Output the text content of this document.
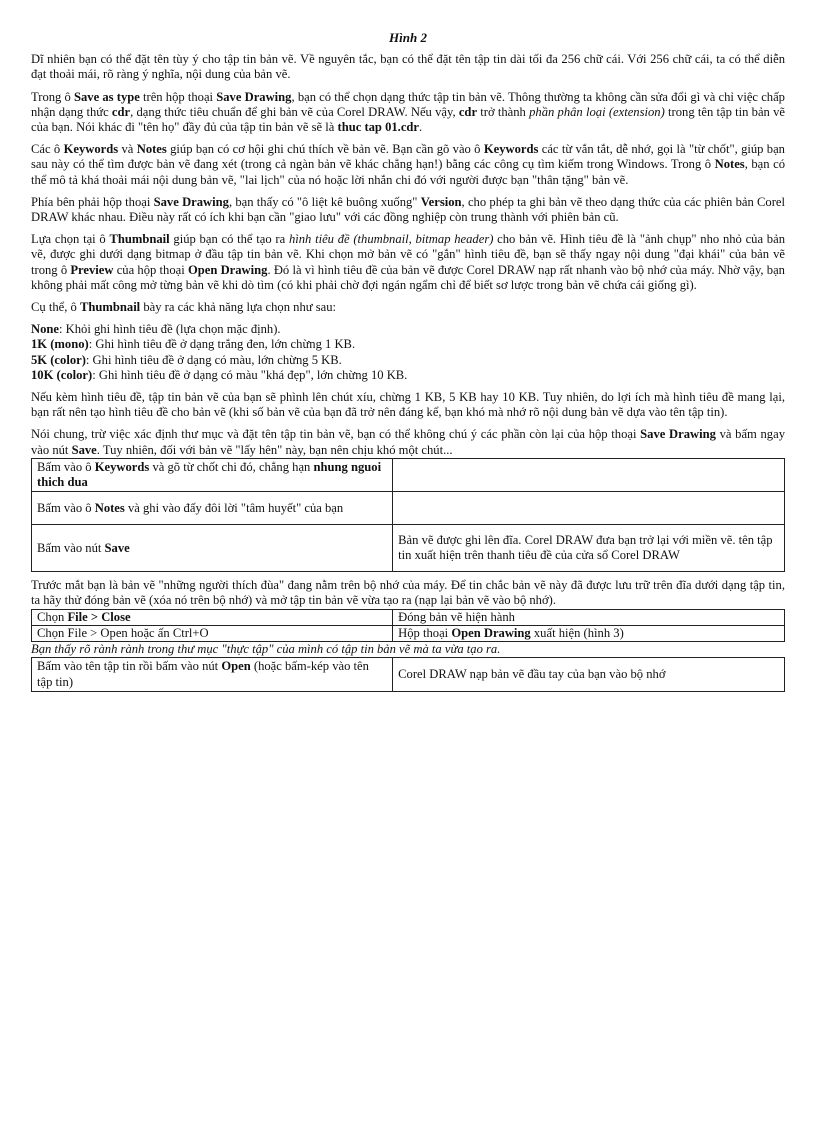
Hình 2

Dĩ nhiên bạn có thể đặt tên tùy ý cho tập tin bản vẽ. Về nguyên tắc, bạn có thể đặt tên tập tin dài tối đa 256 chữ cái. Với 256 chữ cái, ta có thể diễn đạt thoải mái, rõ ràng ý nghĩa, nội dung của bản vẽ.

Trong ô Save as type trên hộp thoại Save Drawing, bạn có thể chọn dạng thức tập tin bản vẽ. Thông thường ta không cần sửa đổi gì và chỉ việc chấp nhận dạng thức cdr, dạng thức tiêu chuẩn để ghi bản vẽ của Corel DRAW. Nếu vậy, cdr trở thành phần phân loại (extension) trong tên tập tin bản vẽ của bạn. Nói khác đi "tên họ" đầy đủ của tập tin bản vẽ sẽ là thuc tap 01.cdr.

Các ô Keywords và Notes giúp bạn có cơ hội ghi chú thích về bản vẽ. Bạn cần gõ vào ô Keywords các từ vắn tắt, dễ nhớ, gọi là "từ chốt", giúp bạn sau này có thể tìm được bản vẽ đang xét (trong cả ngàn bản vẽ khác chẳng hạn!) bằng các công cụ tìm kiếm trong Windows. Trong ô Notes, bạn có thể mô tả khá thoải mái nội dung bản vẽ, "lai lịch" của nó hoặc lời nhắn chi đó với người được bạn "thân tặng" bản vẽ.

Phía bên phải hộp thoại Save Drawing, bạn thấy có "ô liệt kê buông xuống" Version, cho phép ta ghi bản vẽ theo dạng thức của các phiên bản Corel DRAW khác nhau. Điều này rất có ích khi bạn cần "giao lưu" với các đồng nghiệp còn trung thành với phiên bản cũ.

Lựa chọn tại ô Thumbnail giúp bạn có thể tạo ra hình tiêu đề (thumbnail, bitmap header) cho bản vẽ. Hình tiêu đề là "ảnh chụp" nho nhỏ của bản vẽ, được ghi dưới dạng bitmap ở đầu tập tin bản vẽ. Khi chọn mở bản vẽ có "gắn" hình tiêu đề, bạn sẽ thấy ngay nội dung "đại khái" của bản vẽ trong ô Preview của hộp thoại Open Drawing. Đó là vì hình tiêu đề của bản vẽ được Corel DRAW nạp rất nhanh vào bộ nhớ của máy. Nhờ vậy, bạn không phải mất công mở từng bản vẽ khi dò tìm (có khi phải chờ đợi ngán ngẩm chỉ để biết sơ lược trong bản vẽ chứa cái giống gì).

Cụ thể, ô Thumbnail bày ra các khả năng lựa chọn như sau:

None: Khỏi ghi hình tiêu đề (lựa chọn mặc định).

1K (mono): Ghi hình tiêu đề ở dạng trắng đen, lớn chừng 1 KB.

5K (color): Ghi hình tiêu đề ở dạng có màu, lớn chừng 5 KB.

10K (color): Ghi hình tiêu đề ở dạng có màu "khá đẹp", lớn chừng 10 KB.

Nếu kèm hình tiêu đề, tập tin bản vẽ của bạn sẽ phình lên chút xíu, chừng 1 KB, 5 KB hay 10 KB. Tuy nhiên, do lợi ích mà hình tiêu đề mang lại, bạn rất nên tạo hình tiêu đề cho bản vẽ (khi số bản vẽ của bạn đã trở nên đáng kể, bạn khó mà nhớ rõ nội dung bản vẽ dựa vào tên tập tin).

Nói chung, trừ việc xác định thư mục và đặt tên tập tin bản vẽ, bạn có thể không chú ý các phần còn lại của hộp thoại Save Drawing và bấm ngay vào nút Save. Tuy nhiên, đối với bản vẽ "lấy hên" này, bạn nên chịu khó một chút...

Bấm vào ô Keywords và gõ từ chốt chi đó, chẳng hạn nhung nguoi thich dua	
Bấm vào ô Notes và ghi vào đấy đôi lời "tâm huyết" của bạn	
Bấm vào nút Save	Bản vẽ được ghi lên đĩa. Corel DRAW đưa bạn trở lại với miền vẽ. tên tập tin xuất hiện trên thanh tiêu đề của cửa sổ Corel DRAW

Trước mắt bạn là bản vẽ "những người thích đùa" đang nằm trên bộ nhớ của máy. Để tin chắc bản vẽ này đã được lưu trữ trên đĩa dưới dạng tập tin, ta hãy thử đóng bản vẽ (xóa nó trên bộ nhớ) và mở tập tin bản vẽ vừa tạo ra (nạp lại bản vẽ vào bộ nhớ).

Chọn File > Close	Đóng bản vẽ hiện hành
Chọn File > Open hoặc ấn Ctrl+O	Hộp thoại Open Drawing xuất hiện (hình 3)

Bạn thấy rõ rành rành trong thư mục "thực tập" của mình có tập tin bản vẽ mà ta vừa tạo ra.

Bấm vào tên tập tin rồi bấm vào nút Open (hoặc bấm-kép vào tên tập tin)	Corel DRAW nạp bản vẽ đầu tay của bạn vào bộ nhớ
